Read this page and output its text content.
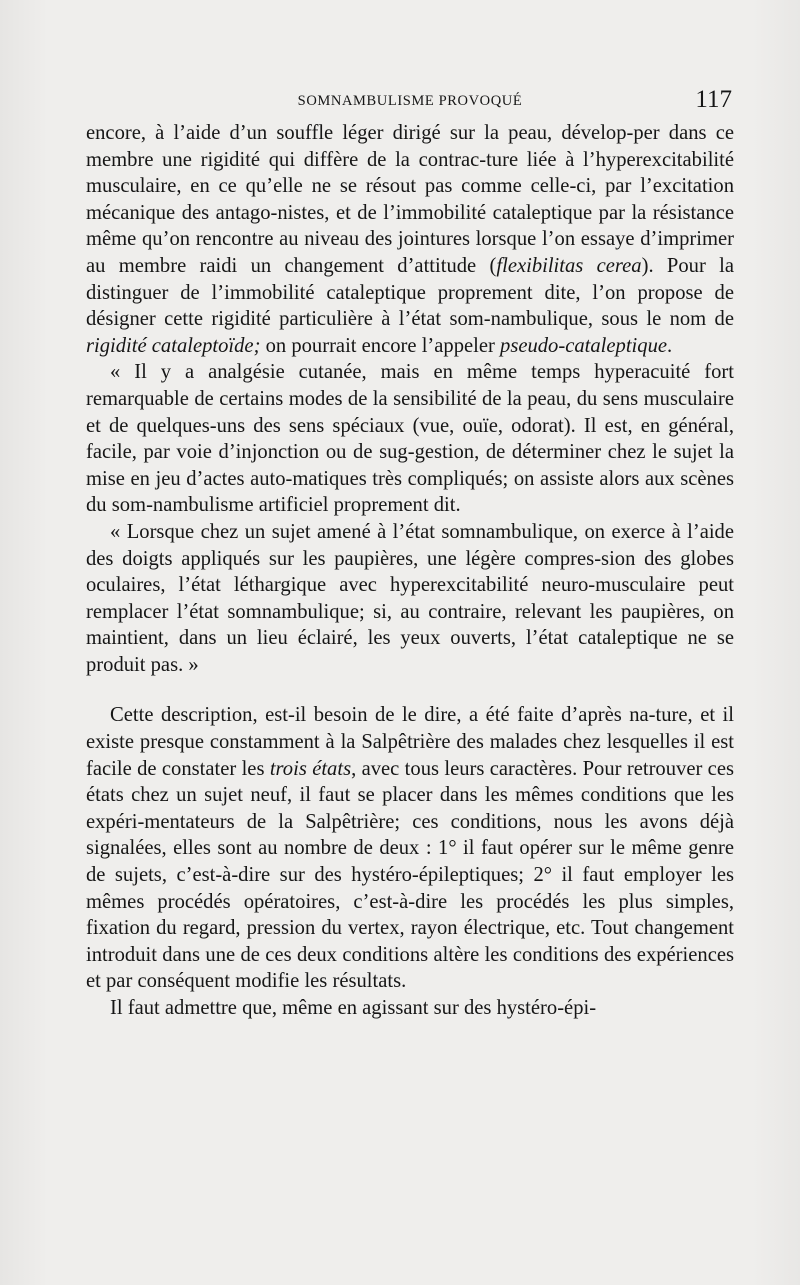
SOMNAMBULISME PROVOQUÉ	117

encore, à l’aide d’un souffle léger dirigé sur la peau, dévelop-per dans ce membre une rigidité qui diffère de la contrac-ture liée à l’hyperexcitabilité musculaire, en ce qu’elle ne se résout pas comme celle-ci, par l’excitation mécanique des antago-nistes, et de l’immobilité cataleptique par la résistance même qu’on rencontre au niveau des jointures lorsque l’on essaye d’imprimer au membre raidi un changement d’attitude (flexibilitas cerea). Pour la distinguer de l’immobilité cataleptique proprement dite, l’on propose de désigner cette rigidité particulière à l’état som-nambulique, sous le nom de rigidité cataleptoïde; on pourrait encore l’appeler pseudo-cataleptique.

« Il y a analgésie cutanée, mais en même temps hyperacuité fort remarquable de certains modes de la sensibilité de la peau, du sens musculaire et de quelques-uns des sens spéciaux (vue, ouïe, odorat). Il est, en général, facile, par voie d’injonction ou de sug-gestion, de déterminer chez le sujet la mise en jeu d’actes auto-matiques très compliqués; on assiste alors aux scènes du som-nambulisme artificiel proprement dit.

« Lorsque chez un sujet amené à l’état somnambulique, on exerce à l’aide des doigts appliqués sur les paupières, une légère compres-sion des globes oculaires, l’état léthargique avec hyperexcitabilité neuro-musculaire peut remplacer l’état somnambulique; si, au contraire, relevant les paupières, on maintient, dans un lieu éclairé, les yeux ouverts, l’état cataleptique ne se produit pas. »

Cette description, est-il besoin de le dire, a été faite d’après na-ture, et il existe presque constamment à la Salpêtrière des malades chez lesquelles il est facile de constater les trois états, avec tous leurs caractères. Pour retrouver ces états chez un sujet neuf, il faut se placer dans les mêmes conditions que les expéri-mentateurs de la Salpêtrière; ces conditions, nous les avons déjà signalées, elles sont au nombre de deux : 1° il faut opérer sur le même genre de sujets, c’est-à-dire sur des hystéro-épileptiques; 2° il faut employer les mêmes procédés opératoires, c’est-à-dire les procédés les plus simples, fixation du regard, pression du vertex, rayon électrique, etc. Tout changement introduit dans une de ces deux conditions altère les conditions des expériences et par conséquent modifie les résultats.

Il faut admettre que, même en agissant sur des hystéro-épi-
